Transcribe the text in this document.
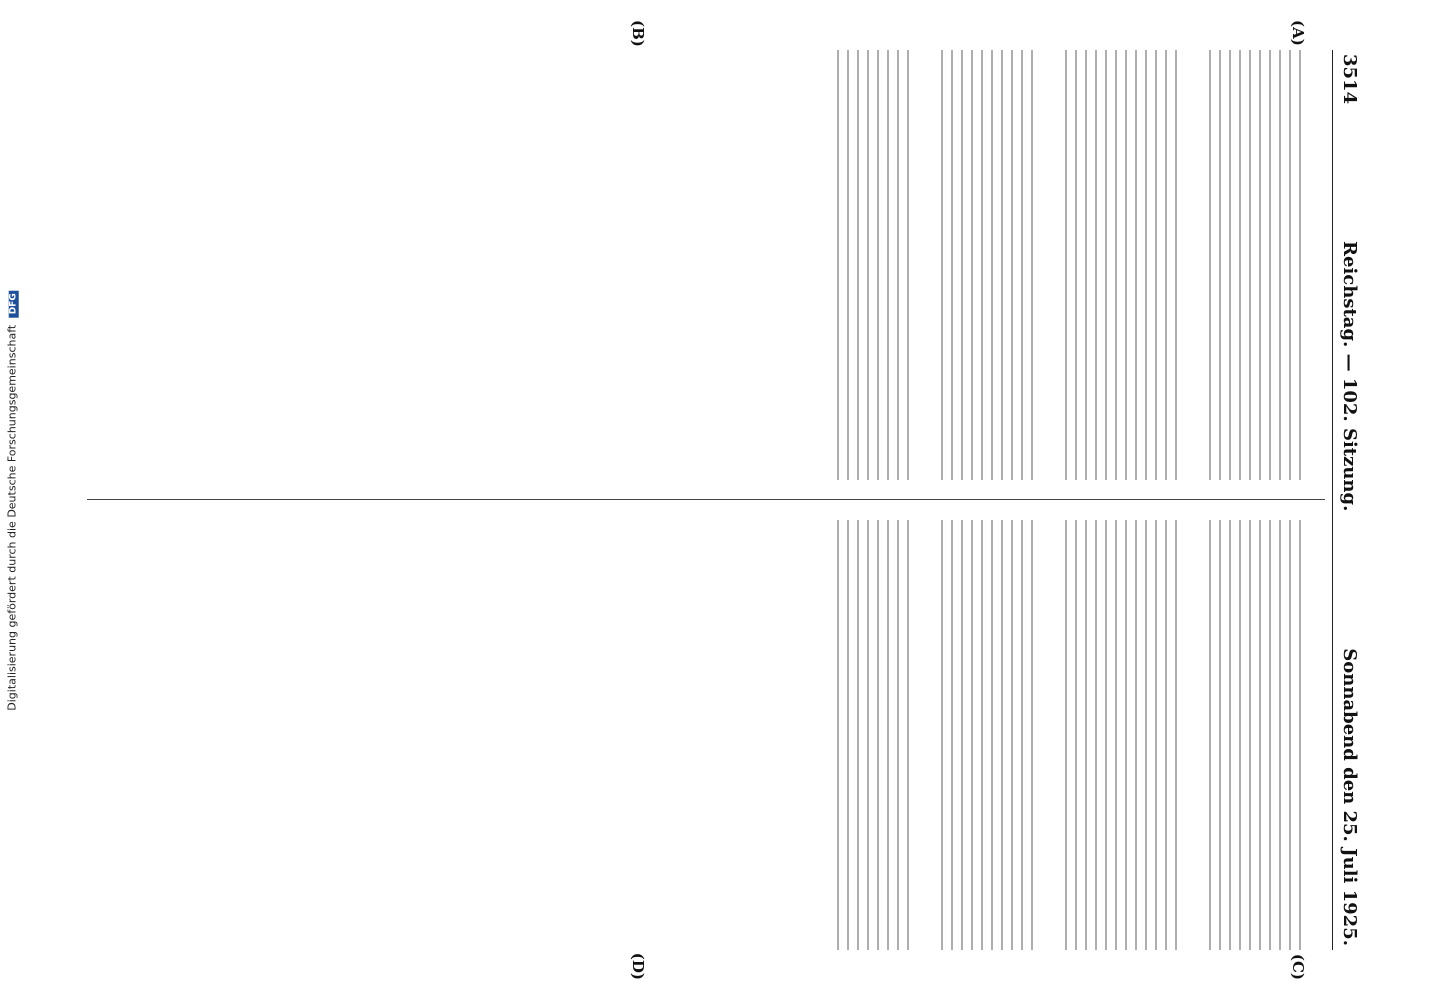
3514
Reichstag. — 102. Sitzung.
Sonnabend den 25. Juli 1925.

(A)
(B)
(C)
(D)
Digitalisierung gefördert durch die Deutsche Forschungsgemeinschaft DFG
